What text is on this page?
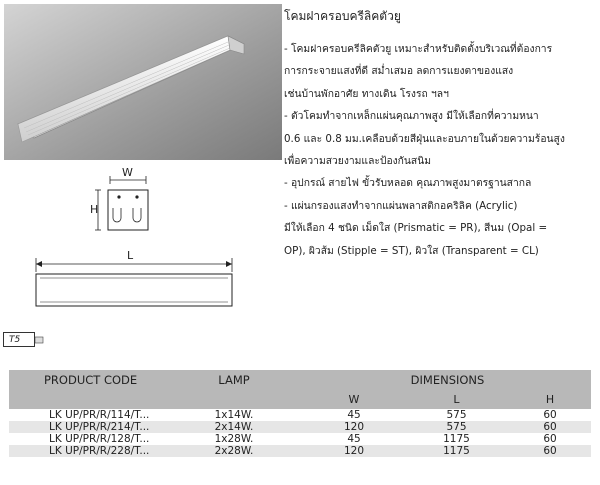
W
H
L
T5

โคมฝาครอบครีลิคตัวยู

- โคมฝาครอบครีลิคตัวยู เหมาะสำหรับติดตั้งบริเวณที่ต้องการ
การกระจายแสงที่ดี สม่ำเสมอ ลดการแยงตาของแสง
เช่นบ้านพักอาศัย ทางเดิน โรงรถ ฯลฯ
- ตัวโคมทำจากเหล็กแผ่นคุณภาพสูง มีให้เลือกที่ความหนา
0.6 และ 0.8 มม.เคลือบด้วยสีฝุ่นและอบภายในด้วยความร้อนสูง
เพื่อความสวยงามและป้องกันสนิม
- อุปกรณ์ สายไฟ ขั้วรับหลอด คุณภาพสูงมาตรฐานสากล
- แผ่นกรองแสงทำจากแผ่นพลาสติกอคริลิค (Acrylic)
มีให้เลือก 4 ชนิด เม็ดใส (Prismatic = PR), สีนม (Opal =
OP), ผิวส้ม (Stipple = ST), ผิวใส (Transparent = CL)

PRODUCT CODE	LAMP	DIMENSIONS		
		W	L	H
LK UP/PR/R/114/T...	1x14W.	45	575	60
LK UP/PR/R/214/T...	2x14W.	120	575	60
LK UP/PR/R/128/T...	1x28W.	45	1175	60
LK UP/PR/R/228/T...	2x28W.	120	1175	60
